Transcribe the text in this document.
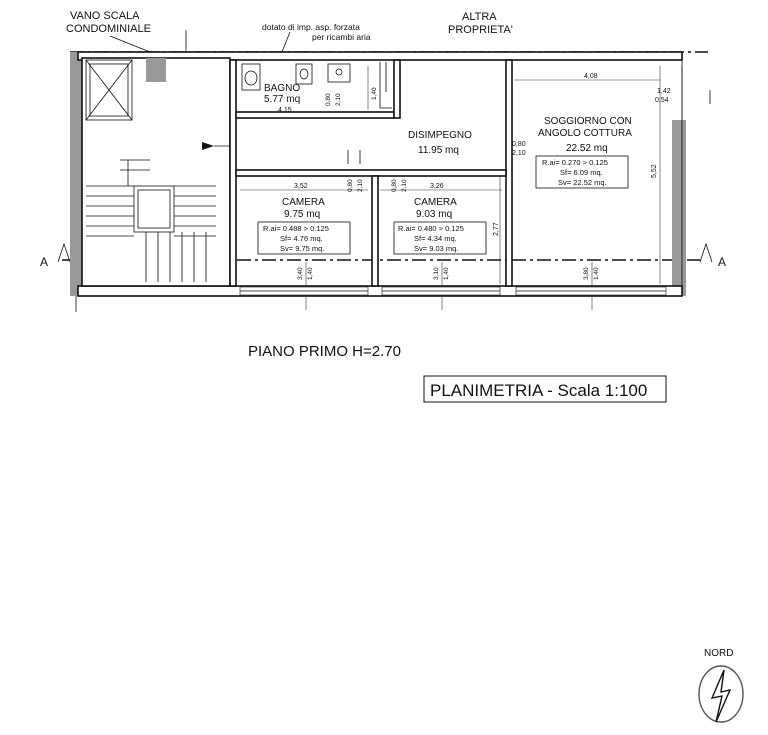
VANO SCALA
CONDOMINIALE	dotato di imp. asp. forzata
per ricambi aria
ALTRA
PROPRIETA'
A	A
BAGNO
5.77 mq
4,15
0,80 2,10	1,40
DISIMPEGNO
11.95 mq
0,80
2,10
SOGGIORNO CON
ANGOLO COTTURA
22.52 mq
R.ai= 0.270 > 0.125
Sf= 6.09 mq.
Sv= 22.52 mq.
4,08
5,52
1,42
0,54
3,52
CAMERA
9.75 mq
R.ai= 0.488 > 0.125
Sf= 4.76 mq.
Sv= 9.75 mq.
0,80 2,10
3,40 1,40
3,26
CAMERA
9.03 mq
R.ai= 0.480 > 0.125
Sf= 4.34 mq.
Sv= 9.03 mq.
0,80 2,10
2,77
3,10 1,40	3,80 1,40
PIANO PRIMO H=2.70
PLANIMETRIA - Scala 1:100
NORD
